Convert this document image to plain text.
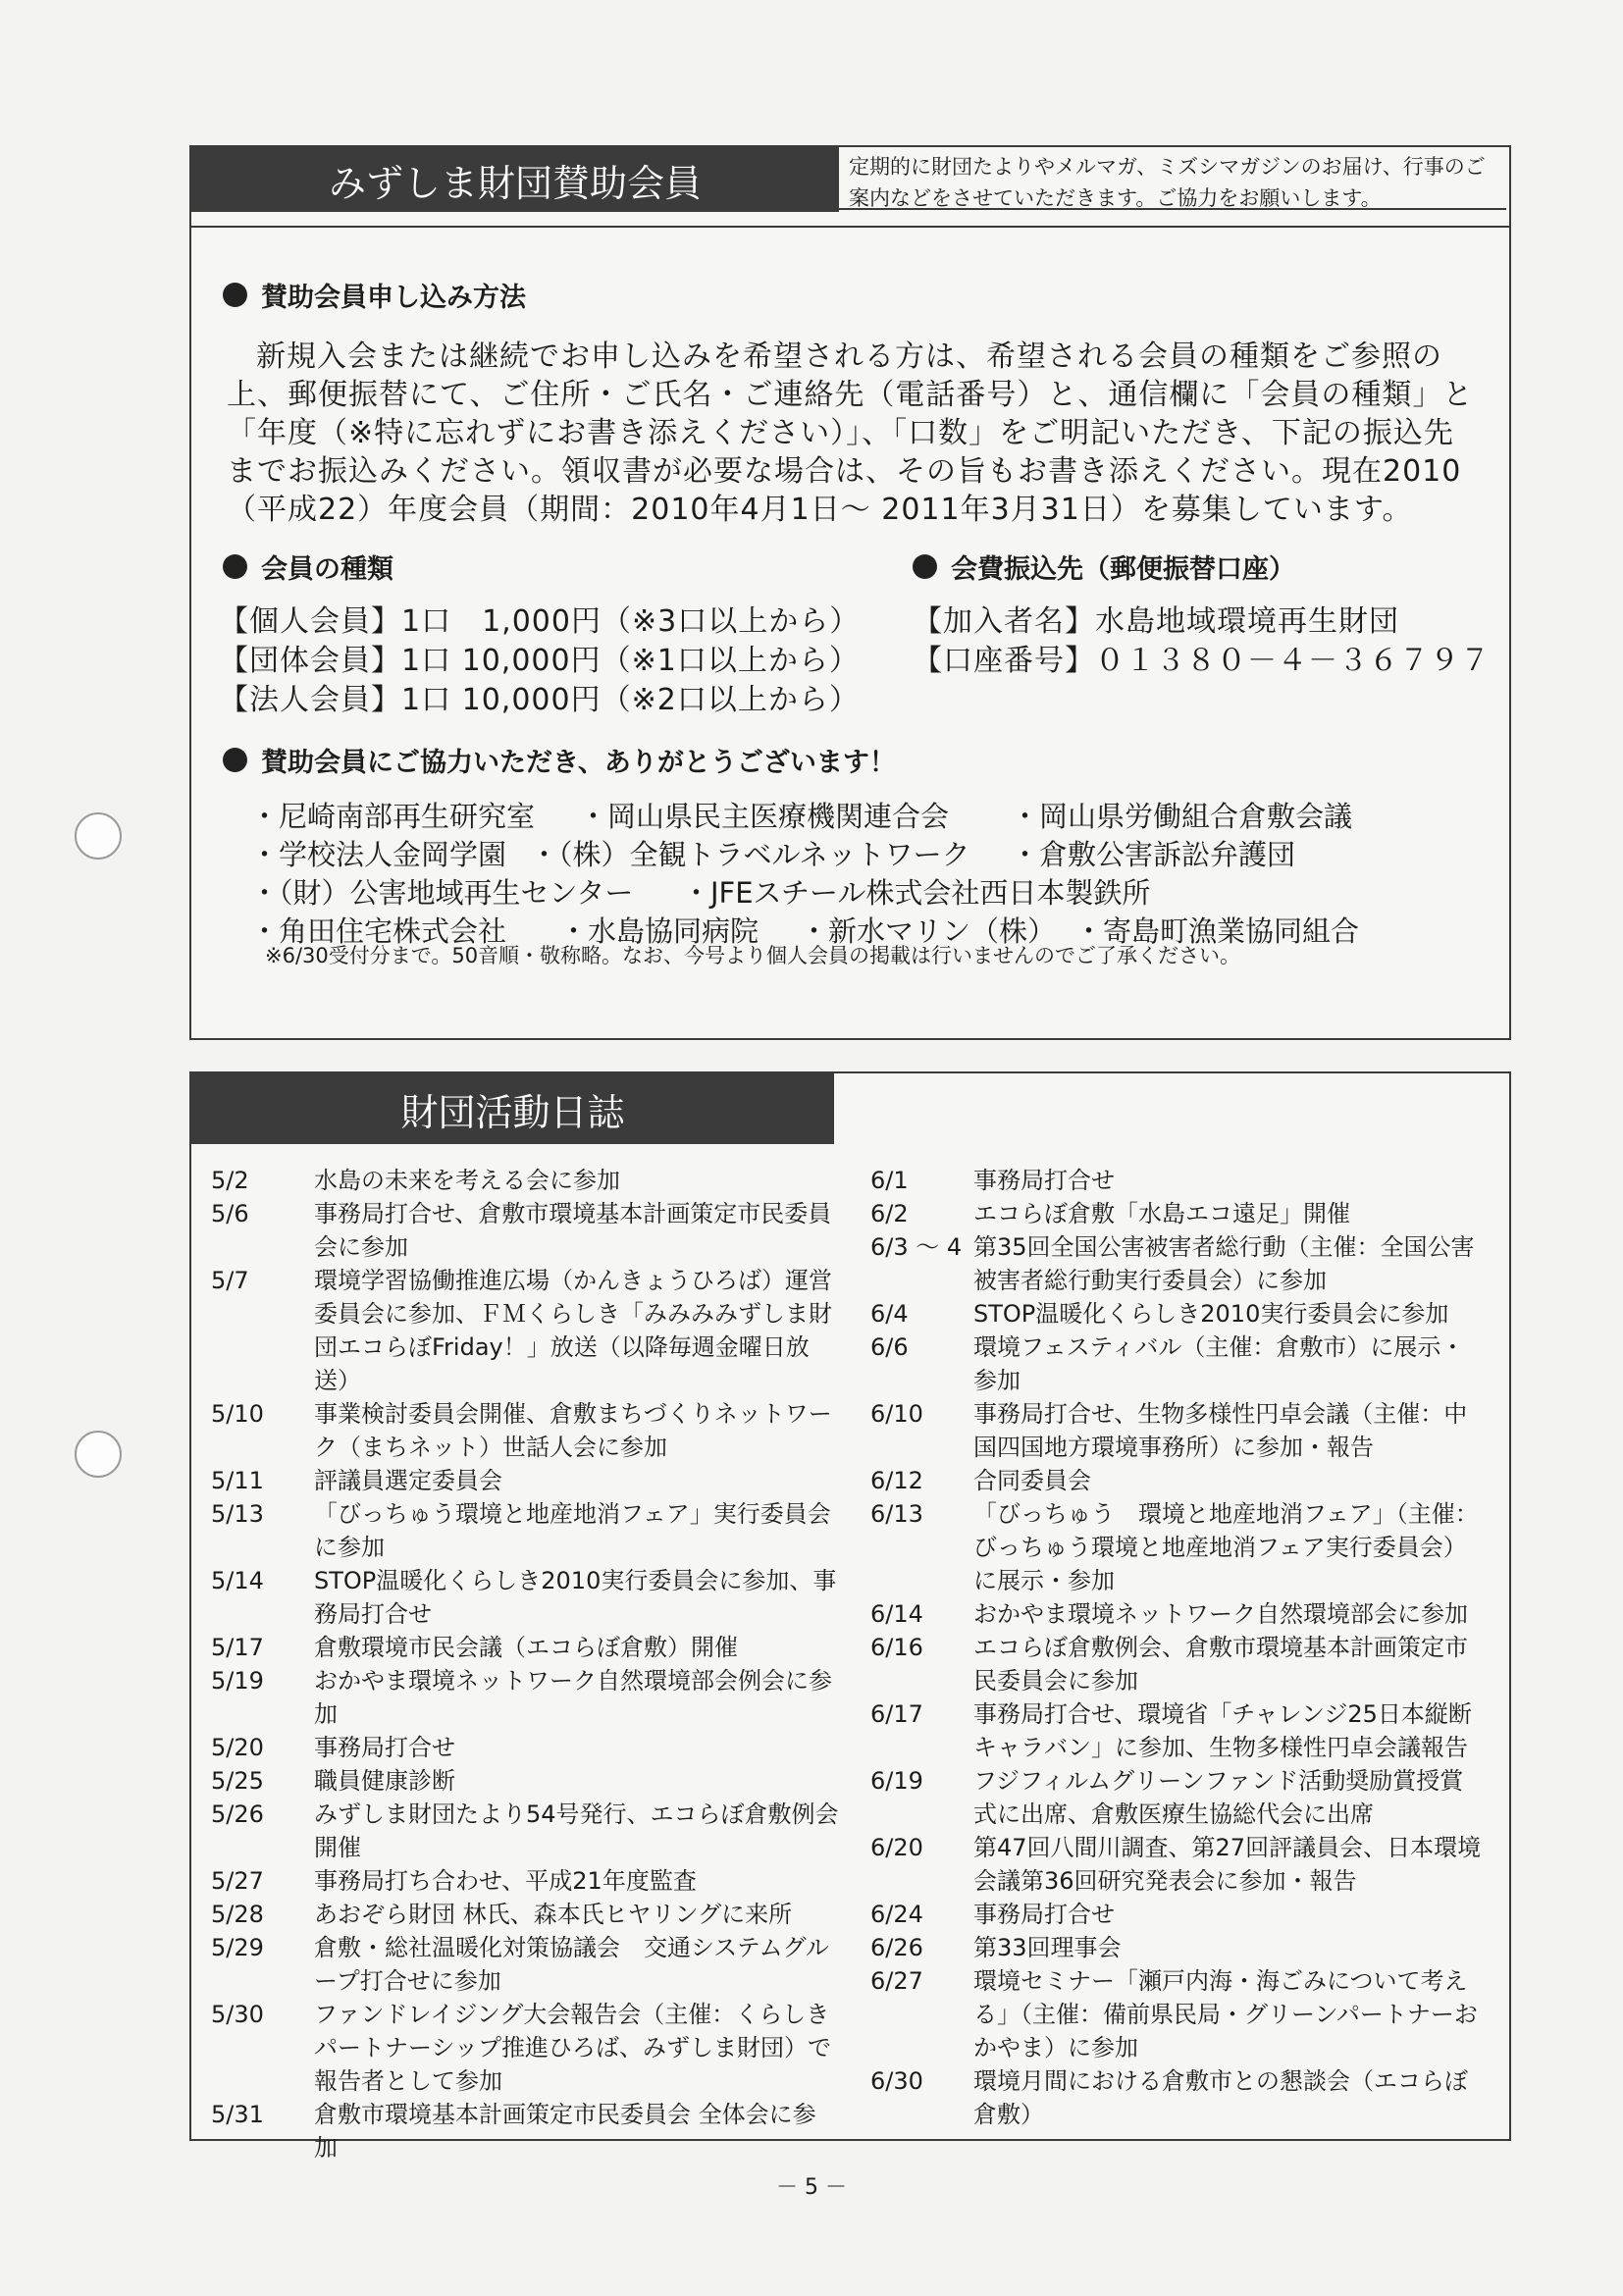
みずしま財団賛助会員	定期的に財団たよりやメルマガ、ミズシマガジンのお届け、行事のご案内などをさせていただきます。ご協力をお願いします。
賛助会員申し込み方法

新規入会または継続でお申し込みを希望される方は、希望される会員の種類をご参照の上、郵便振替にて、ご住所・ご氏名・ご連絡先（電話番号）と、通信欄に「会員の種類」と「年度（※特に忘れずにお書き添えください）」、「口数」をご明記いただき、下記の振込先までお振込みください。領収書が必要な場合は、その旨もお書き添えください。現在2010（平成22）年度会員（期間：2010年4月1日～ 2011年3月31日）を募集しています。

会員の種類
【個人会員】1口　1,000円（※3口以上から）
【団体会員】1口 10,000円（※1口以上から）
【法人会員】1口 10,000円（※2口以上から）
会費振込先（郵便振替口座）
【加入者名】水島地域環境再生財団
【口座番号】０１３８０－４－３６７９７
賛助会員にご協力いただき、ありがとうございます！
・尼崎南部再生研究室 ・岡山県民主医療機関連合会 ・岡山県労働組合倉敷会議
・学校法人金岡学園 ・（株）全観トラベルネットワーク ・倉敷公害訴訟弁護団
・（財）公害地域再生センター ・JFEスチール株式会社西日本製鉄所
・角田住宅株式会社 ・水島協同病院 ・新水マリン（株） ・寄島町漁業協同組合
※6/30受付分まで。50音順・敬称略。なお、今号より個人会員の掲載は行いませんのでご了承ください。
財団活動日誌
5/2	水島の未来を考える会に参加
5/6	事務局打合せ、倉敷市環境基本計画策定市民委員会に参加
5/7	環境学習協働推進広場（かんきょうひろば）運営委員会に参加、ＦＭくらしき「みみみみずしま財団エコらぼFriday！」放送（以降毎週金曜日放送）
5/10	事業検討委員会開催、倉敷まちづくりネットワーク（まちネット）世話人会に参加
5/11	評議員選定委員会
5/13	「びっちゅう環境と地産地消フェア」実行委員会に参加
5/14	STOP温暖化くらしき2010実行委員会に参加、事務局打合せ
5/17	倉敷環境市民会議（エコらぼ倉敷）開催
5/19	おかやま環境ネットワーク自然環境部会例会に参加
5/20	事務局打合せ
5/25	職員健康診断
5/26	みずしま財団たより54号発行、エコらぼ倉敷例会開催
5/27	事務局打ち合わせ、平成21年度監査
5/28	あおぞら財団 林氏、森本氏ヒヤリングに来所
5/29	倉敷・総社温暖化対策協議会　交通システムグループ打合せに参加
5/30	ファンドレイジング大会報告会（主催：くらしきパートナーシップ推進ひろば、みずしま財団）で報告者として参加
5/31	倉敷市環境基本計画策定市民委員会 全体会に参加
6/1	事務局打合せ
6/2	エコらぼ倉敷「水島エコ遠足」開催
6/3 ～ 4 第35回全国公害被害者総行動（主催：全国公害被害者総行動実行委員会）に参加
6/4	STOP温暖化くらしき2010実行委員会に参加
6/6	環境フェスティバル（主催：倉敷市）に展示・参加
6/10	事務局打合せ、生物多様性円卓会議（主催：中国四国地方環境事務所）に参加・報告
6/12	合同委員会
6/13	「びっちゅう　環境と地産地消フェア」（主催：びっちゅう環境と地産地消フェア実行委員会）に展示・参加
6/14	おかやま環境ネットワーク自然環境部会に参加
6/16	エコらぼ倉敷例会、倉敷市環境基本計画策定市民委員会に参加
6/17	事務局打合せ、環境省「チャレンジ25日本縦断キャラバン」に参加、生物多様性円卓会議報告
6/19	フジフィルムグリーンファンド活動奨励賞授賞式に出席、倉敷医療生協総代会に出席
6/20	第47回八間川調査、第27回評議員会、日本環境会議第36回研究発表会に参加・報告
6/24	事務局打合せ
6/26	第33回理事会
6/27	環境セミナー「瀬戸内海・海ごみについて考える」（主催：備前県民局・グリーンパートナーおかやま）に参加
6/30	環境月間における倉敷市との懇談会（エコらぼ倉敷）
－ 5 －
